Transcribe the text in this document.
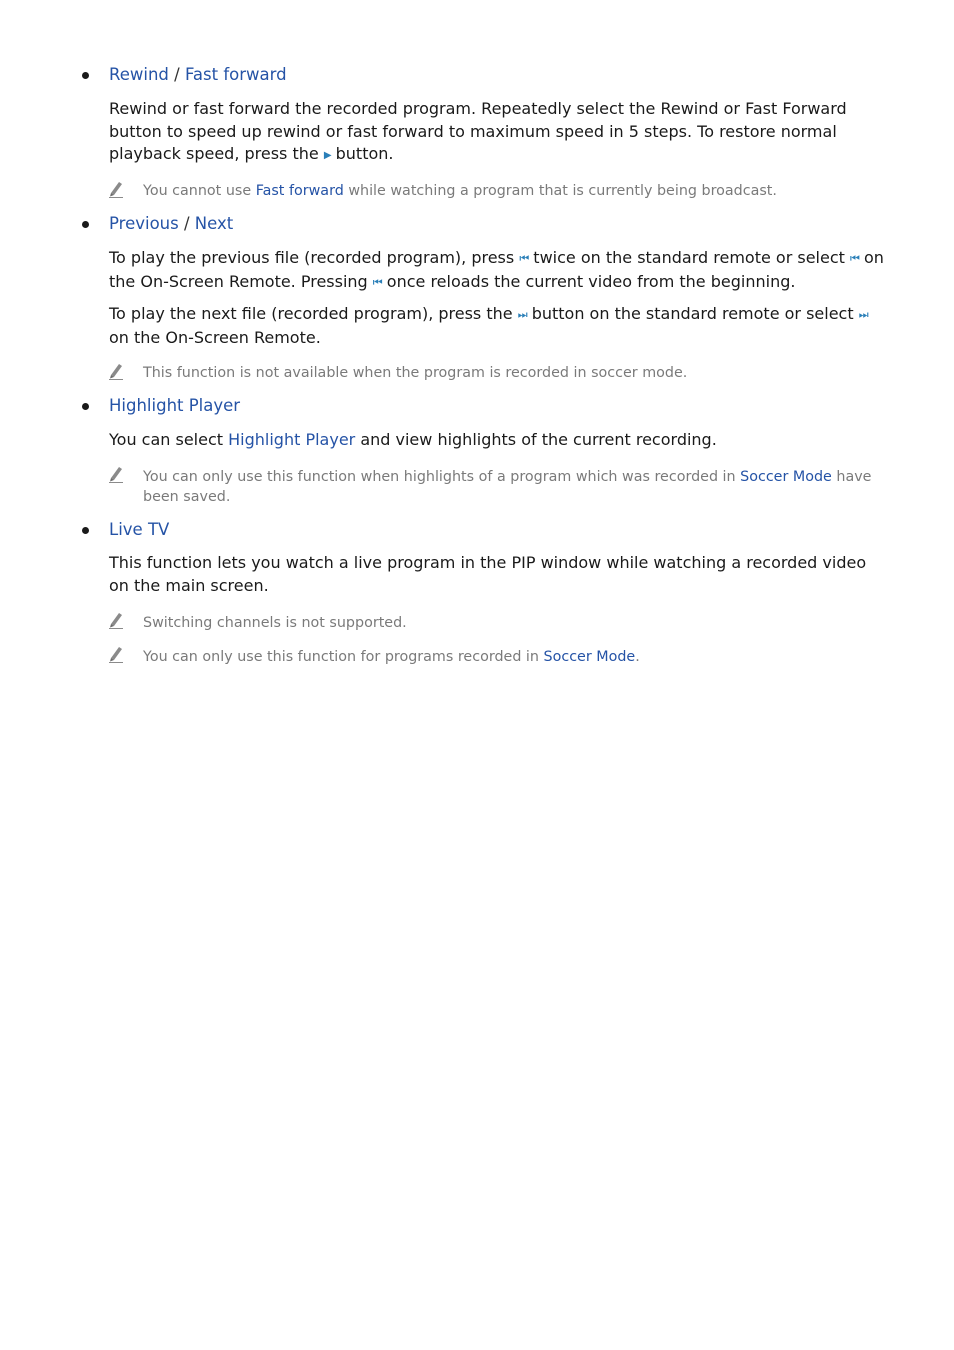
Rewind / Fast forward

Rewind or fast forward the recorded program. Repeatedly select the Rewind or Fast Forward button to speed up rewind or fast forward to maximum speed in 5 steps. To restore normal playback speed, press the ▶ button.

You cannot use Fast forward while watching a program that is currently being broadcast.

Previous / Next

To play the previous file (recorded program), press ⏮ twice on the standard remote or select ⏮ on the On-Screen Remote. Pressing ⏮ once reloads the current video from the beginning.

To play the next file (recorded program), press the ⏭ button on the standard remote or select ⏭ on the On-Screen Remote.

This function is not available when the program is recorded in soccer mode.

Highlight Player

You can select Highlight Player and view highlights of the current recording.

You can only use this function when highlights of a program which was recorded in Soccer Mode have been saved.

Live TV

This function lets you watch a live program in the PIP window while watching a recorded video on the main screen.

Switching channels is not supported.

You can only use this function for programs recorded in Soccer Mode.
